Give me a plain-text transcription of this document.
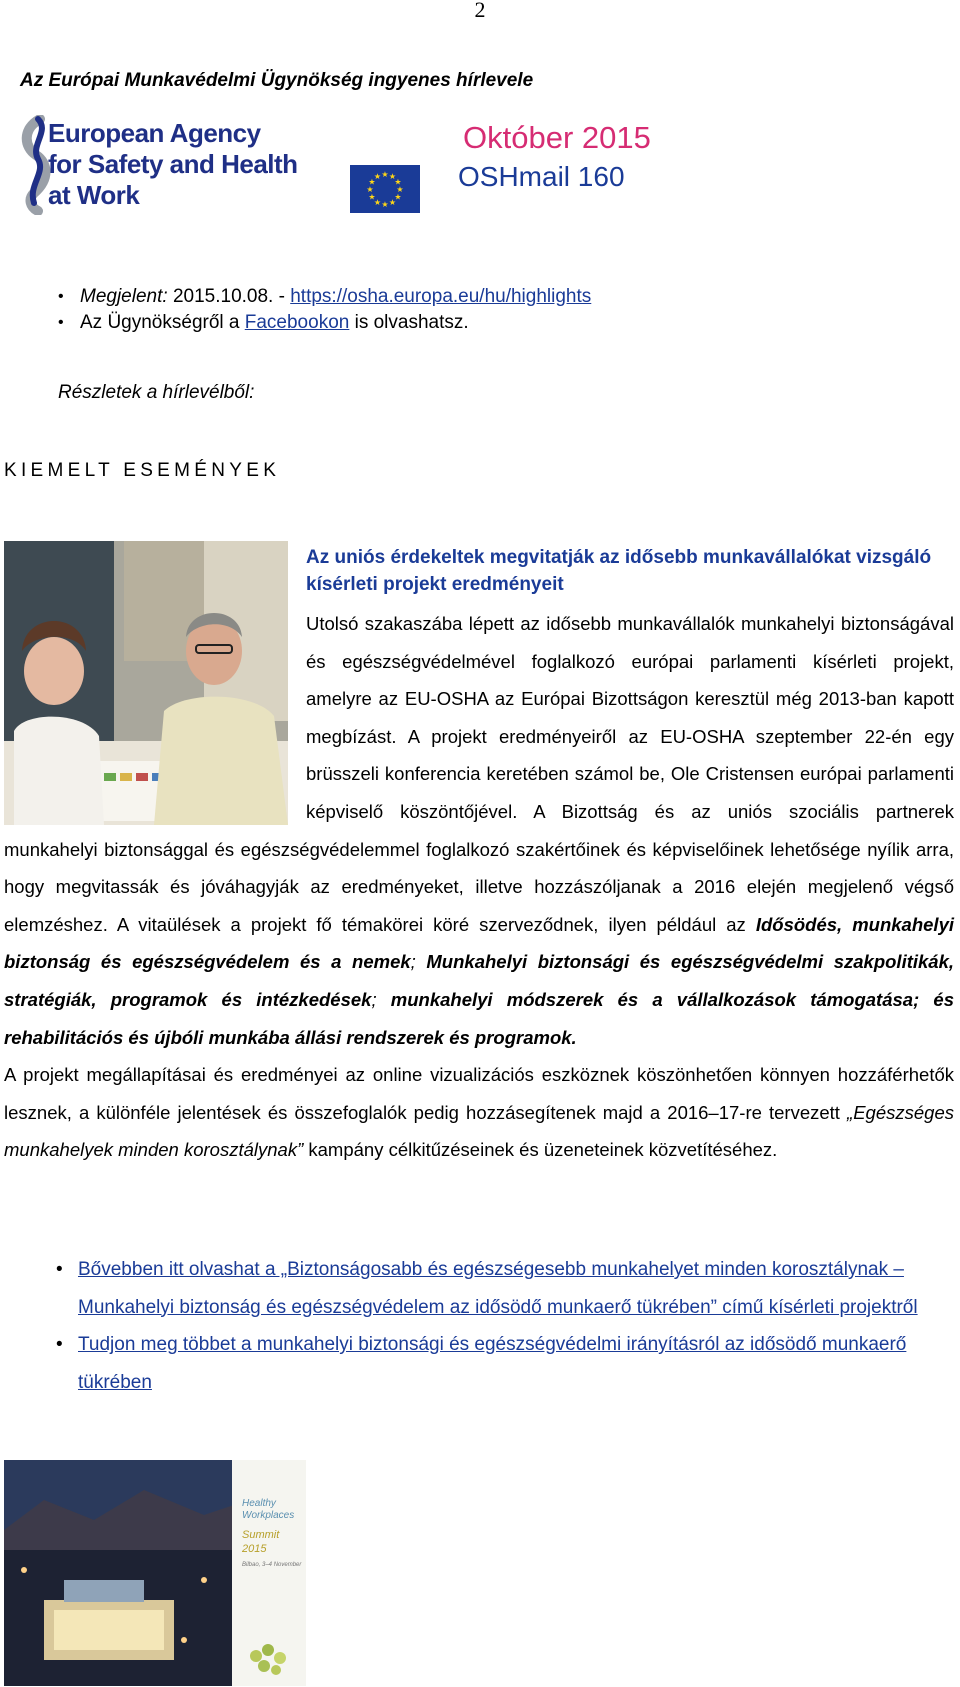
2
Az Európai Munkavédelmi Ügynökség ingyenes hírlevele
European Agency
for Safety and Health
at Work
★ ★
★
★
★
★
★
★
★
★
★
★
Október 2015
OSHmail 160
• Megjelent: 2015.10.08. - https://osha.europa.eu/hu/highlights
• Az Ügynökségről a Facebookon is olvashatsz.
Részletek a hírlevélből:
KIEMELT ESEMÉNYEK
Az uniós érdekeltek megvitatják az idősebb munkavállalókat vizsgáló kísérleti projekt eredményeit

Utolsó szakaszába lépett az idősebb munkavállalók munkahelyi biztonságával és egészségvédelmével foglalkozó európai parlamenti kísérleti projekt, amelyre az EU-OSHA az Európai Bizottságon keresztül még 2013-ban kapott megbízást. A projekt eredményeiről az EU-OSHA szeptember 22-én egy brüsszeli konferencia keretében számol be, Ole Cristensen európai parlamenti képviselő köszöntőjével. A Bizottság és az uniós szociális partnerek munkahelyi biztonsággal és egészségvédelemmel foglalkozó szakértőinek és képviselőinek lehetősége nyílik arra, hogy megvitassák és jóváhagyják az eredményeket, illetve hozzászóljanak a 2016 elején megjelenő végső elemzéshez. A vitaülések a projekt fő témakörei köré szerveződnek, ilyen például az Idősödés, munkahelyi biztonság és egészségvédelem és a nemek; Munkahelyi biztonsági és egészségvédelmi szakpolitikák, stratégiák, programok és intézkedések; munkahelyi módszerek és a vállalkozások támogatása; és rehabilitációs és újbóli munkába állási rendszerek és programok.
A projekt megállapításai és eredményei az online vizualizációs eszköznek köszönhetően könnyen hozzáférhetők lesznek, a különféle jelentések és összefoglalók pedig hozzásegítenek majd a 2016–17-re tervezett „Egészséges munkahelyek minden korosztálynak” kampány célkitűzéseinek és üzeneteinek közvetítéséhez.

• Bővebben itt olvashat a „Biztonságosabb és egészségesebb munkahelyet minden korosztálynak – Munkahelyi biztonság és egészségvédelem az idősödő munkaerő tükrében” című kísérleti projektről
• Tudjon meg többet a munkahelyi biztonsági és egészségvédelmi irányításról az idősödő munkaerő tükrében
Healthy
Workplaces
Summit
2015
Bilbao, 3–4 November
